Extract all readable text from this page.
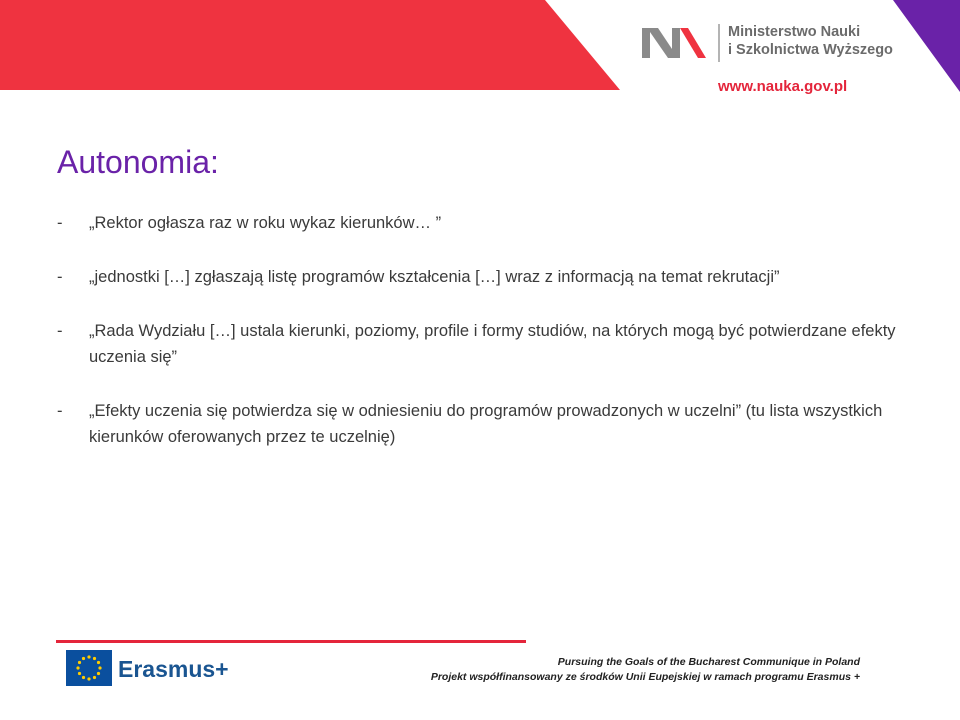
Ministerstwo Nauki
i Szkolnictwa Wyższego
www.nauka.gov.pl
Autonomia:
- „Rektor ogłasza raz w roku wykaz kierunków… ”
- „jednostki […] zgłaszają listę programów kształcenia […] wraz z informacją na temat rekrutacji”
- „Rada Wydziału […] ustala kierunki, poziomy, profile i formy studiów, na których mogą być potwierdzane efekty uczenia się”
- „Efekty uczenia się potwierdza się w odniesieniu do programów prowadzonych w uczelni” (tu lista wszystkich kierunków oferowanych przez te uczelnię)
Erasmus+	Pursuing the Goals of the Bucharest Communique in Poland
Projekt współfinansowany ze środków Unii Eupejskiej w ramach programu Erasmus +
